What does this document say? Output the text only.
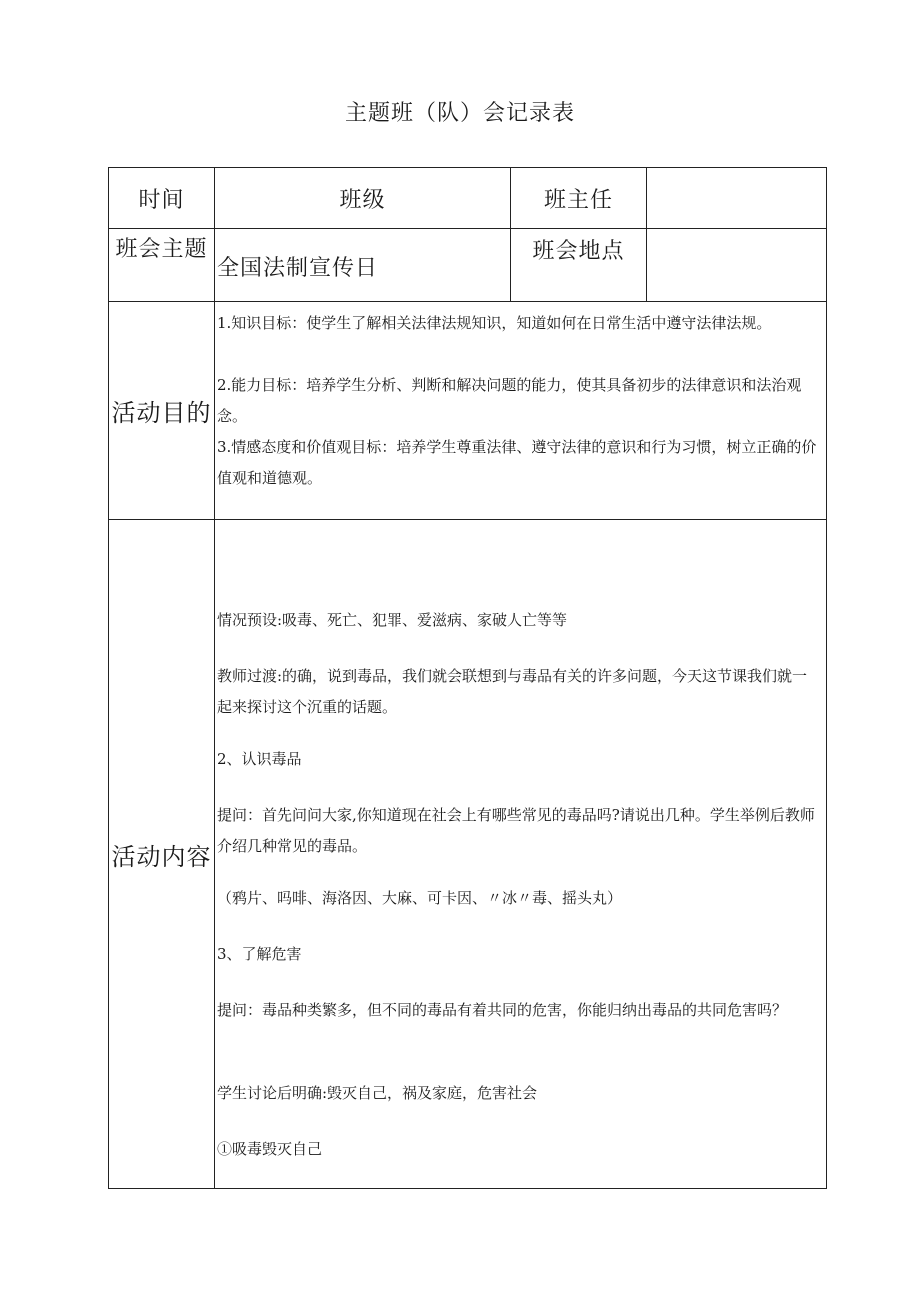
主题班（队）会记录表
时间	班级	班主任
班会主题
全国法制宣传日
班会地点
活动目的
1.知识目标：使学生了解相关法律法规知识，知道如何在日常生活中遵守法律法规。
2.能力目标：培养学生分析、判断和解决问题的能力，使其具备初步的法律意识和法治观念。
3.情感态度和价值观目标：培养学生尊重法律、遵守法律的意识和行为习惯，树立正确的价值观和道德观。
活动内容
情况预设:吸毒、死亡、犯罪、爱滋病、家破人亡等等
教师过渡:的确，说到毒品，我们就会联想到与毒品有关的许多问题，今天这节课我们就一起来探讨这个沉重的话题。
2、认识毒品
提问：首先问问大家,你知道现在社会上有哪些常见的毒品吗?请说出几种。学生举例后教师介绍几种常见的毒品。
（鸦片、吗啡、海洛因、大麻、可卡因、〃冰〃毒、摇头丸）
3、了解危害
提问：毒品种类繁多，但不同的毒品有着共同的危害，你能归纳出毒品的共同危害吗？
学生讨论后明确:毁灭自己，祸及家庭，危害社会
①吸毒毁灭自己
